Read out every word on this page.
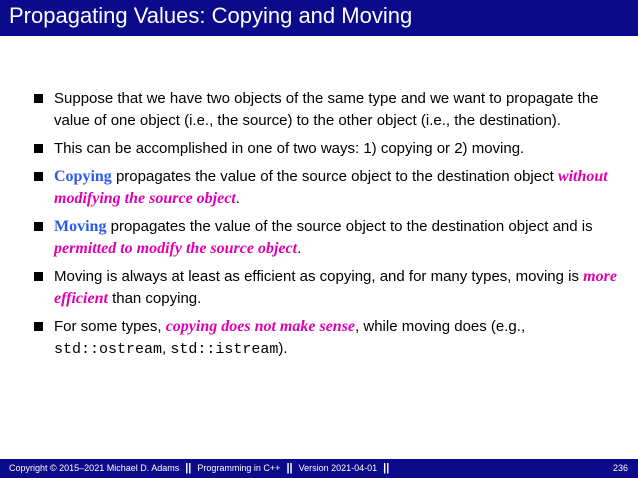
Propagating Values: Copying and Moving
Suppose that we have two objects of the same type and we want to propagate the value of one object (i.e., the source) to the other object (i.e., the destination).
This can be accomplished in one of two ways: 1) copying or 2) moving.
Copying propagates the value of the source object to the destination object without modifying the source object.
Moving propagates the value of the source object to the destination object and is permitted to modify the source object.
Moving is always at least as efficient as copying, and for many types, moving is more efficient than copying.
For some types, copying does not make sense, while moving does (e.g., std::ostream, std::istream).
Copyright © 2015–2021 Michael D. Adams || Programming in C++ || Version 2021-04-01 ||	236
